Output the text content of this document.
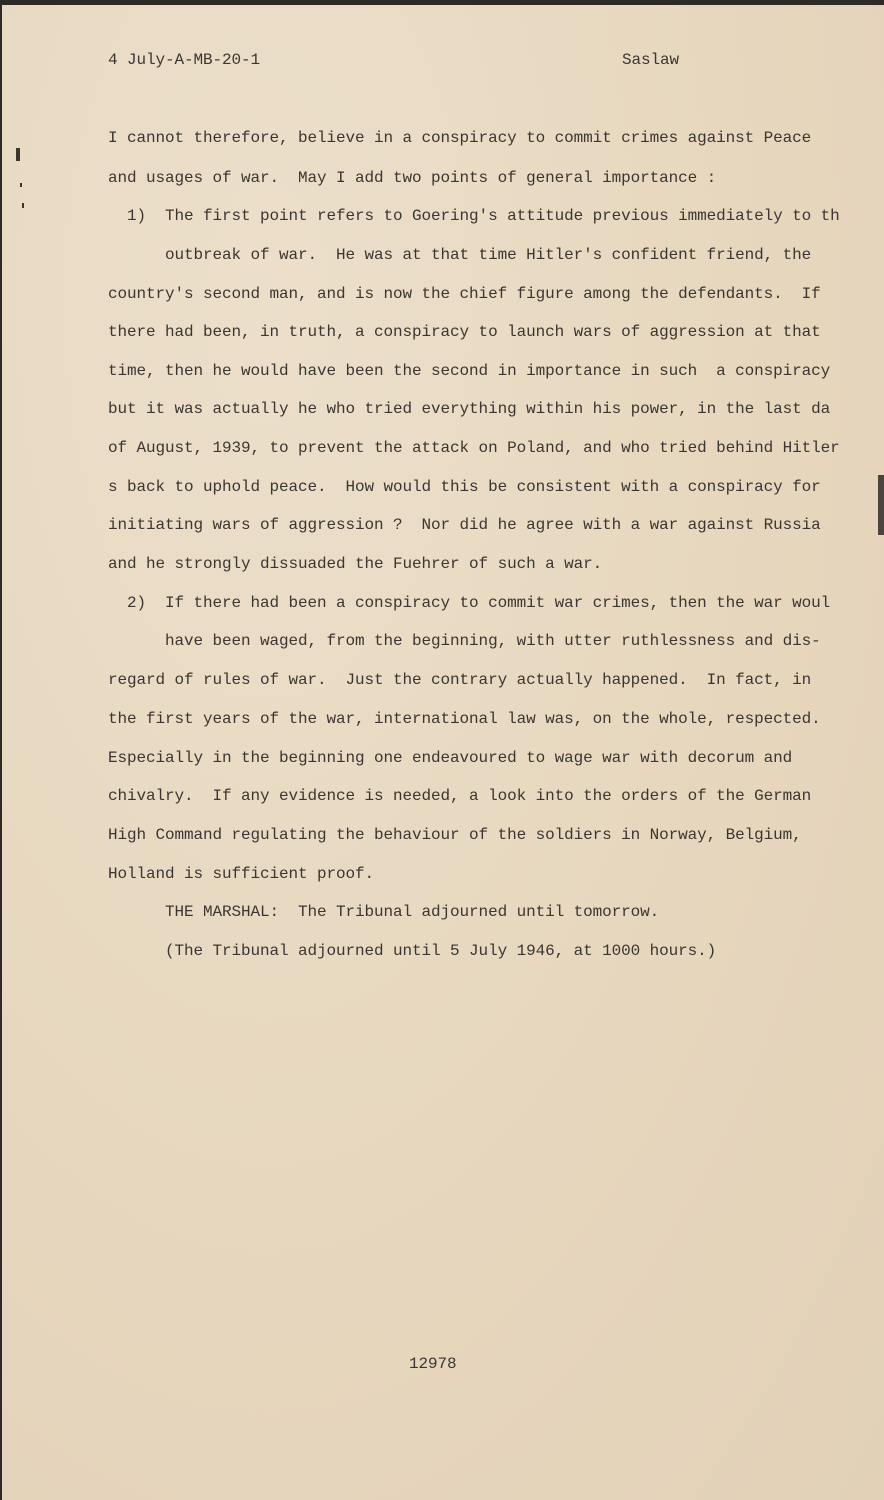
4 July-A-MB-20-1	Saslaw
I cannot therefore, believe in a conspiracy to commit crimes against Peace
and usages of war.  May I add two points of general importance :
1)  The first point refers to Goering's attitude previous immediately to th
outbreak of war.  He was at that time Hitler's confident friend, the
country's second man, and is now the chief figure among the defendants.  If
there had been, in truth, a conspiracy to launch wars of aggression at that
time, then he would have been the second in importance in such  a conspiracy
but it was actually he who tried everything within his power, in the last da
of August, 1939, to prevent the attack on Poland, and who tried behind Hitler
s back to uphold peace.  How would this be consistent with a conspiracy for
initiating wars of aggression ?  Nor did he agree with a war against Russia
and he strongly dissuaded the Fuehrer of such a war.
2)  If there had been a conspiracy to commit war crimes, then the war woul
have been waged, from the beginning, with utter ruthlessness and dis-
regard of rules of war.  Just the contrary actually happened.  In fact, in
the first years of the war, international law was, on the whole, respected.
Especially in the beginning one endeavoured to wage war with decorum and
chivalry.  If any evidence is needed, a look into the orders of the German
High Command regulating the behaviour of the soldiers in Norway, Belgium,
Holland is sufficient proof.
THE MARSHAL:  The Tribunal adjourned until tomorrow.
(The Tribunal adjourned until 5 July 1946, at 1000 hours.)
12978
